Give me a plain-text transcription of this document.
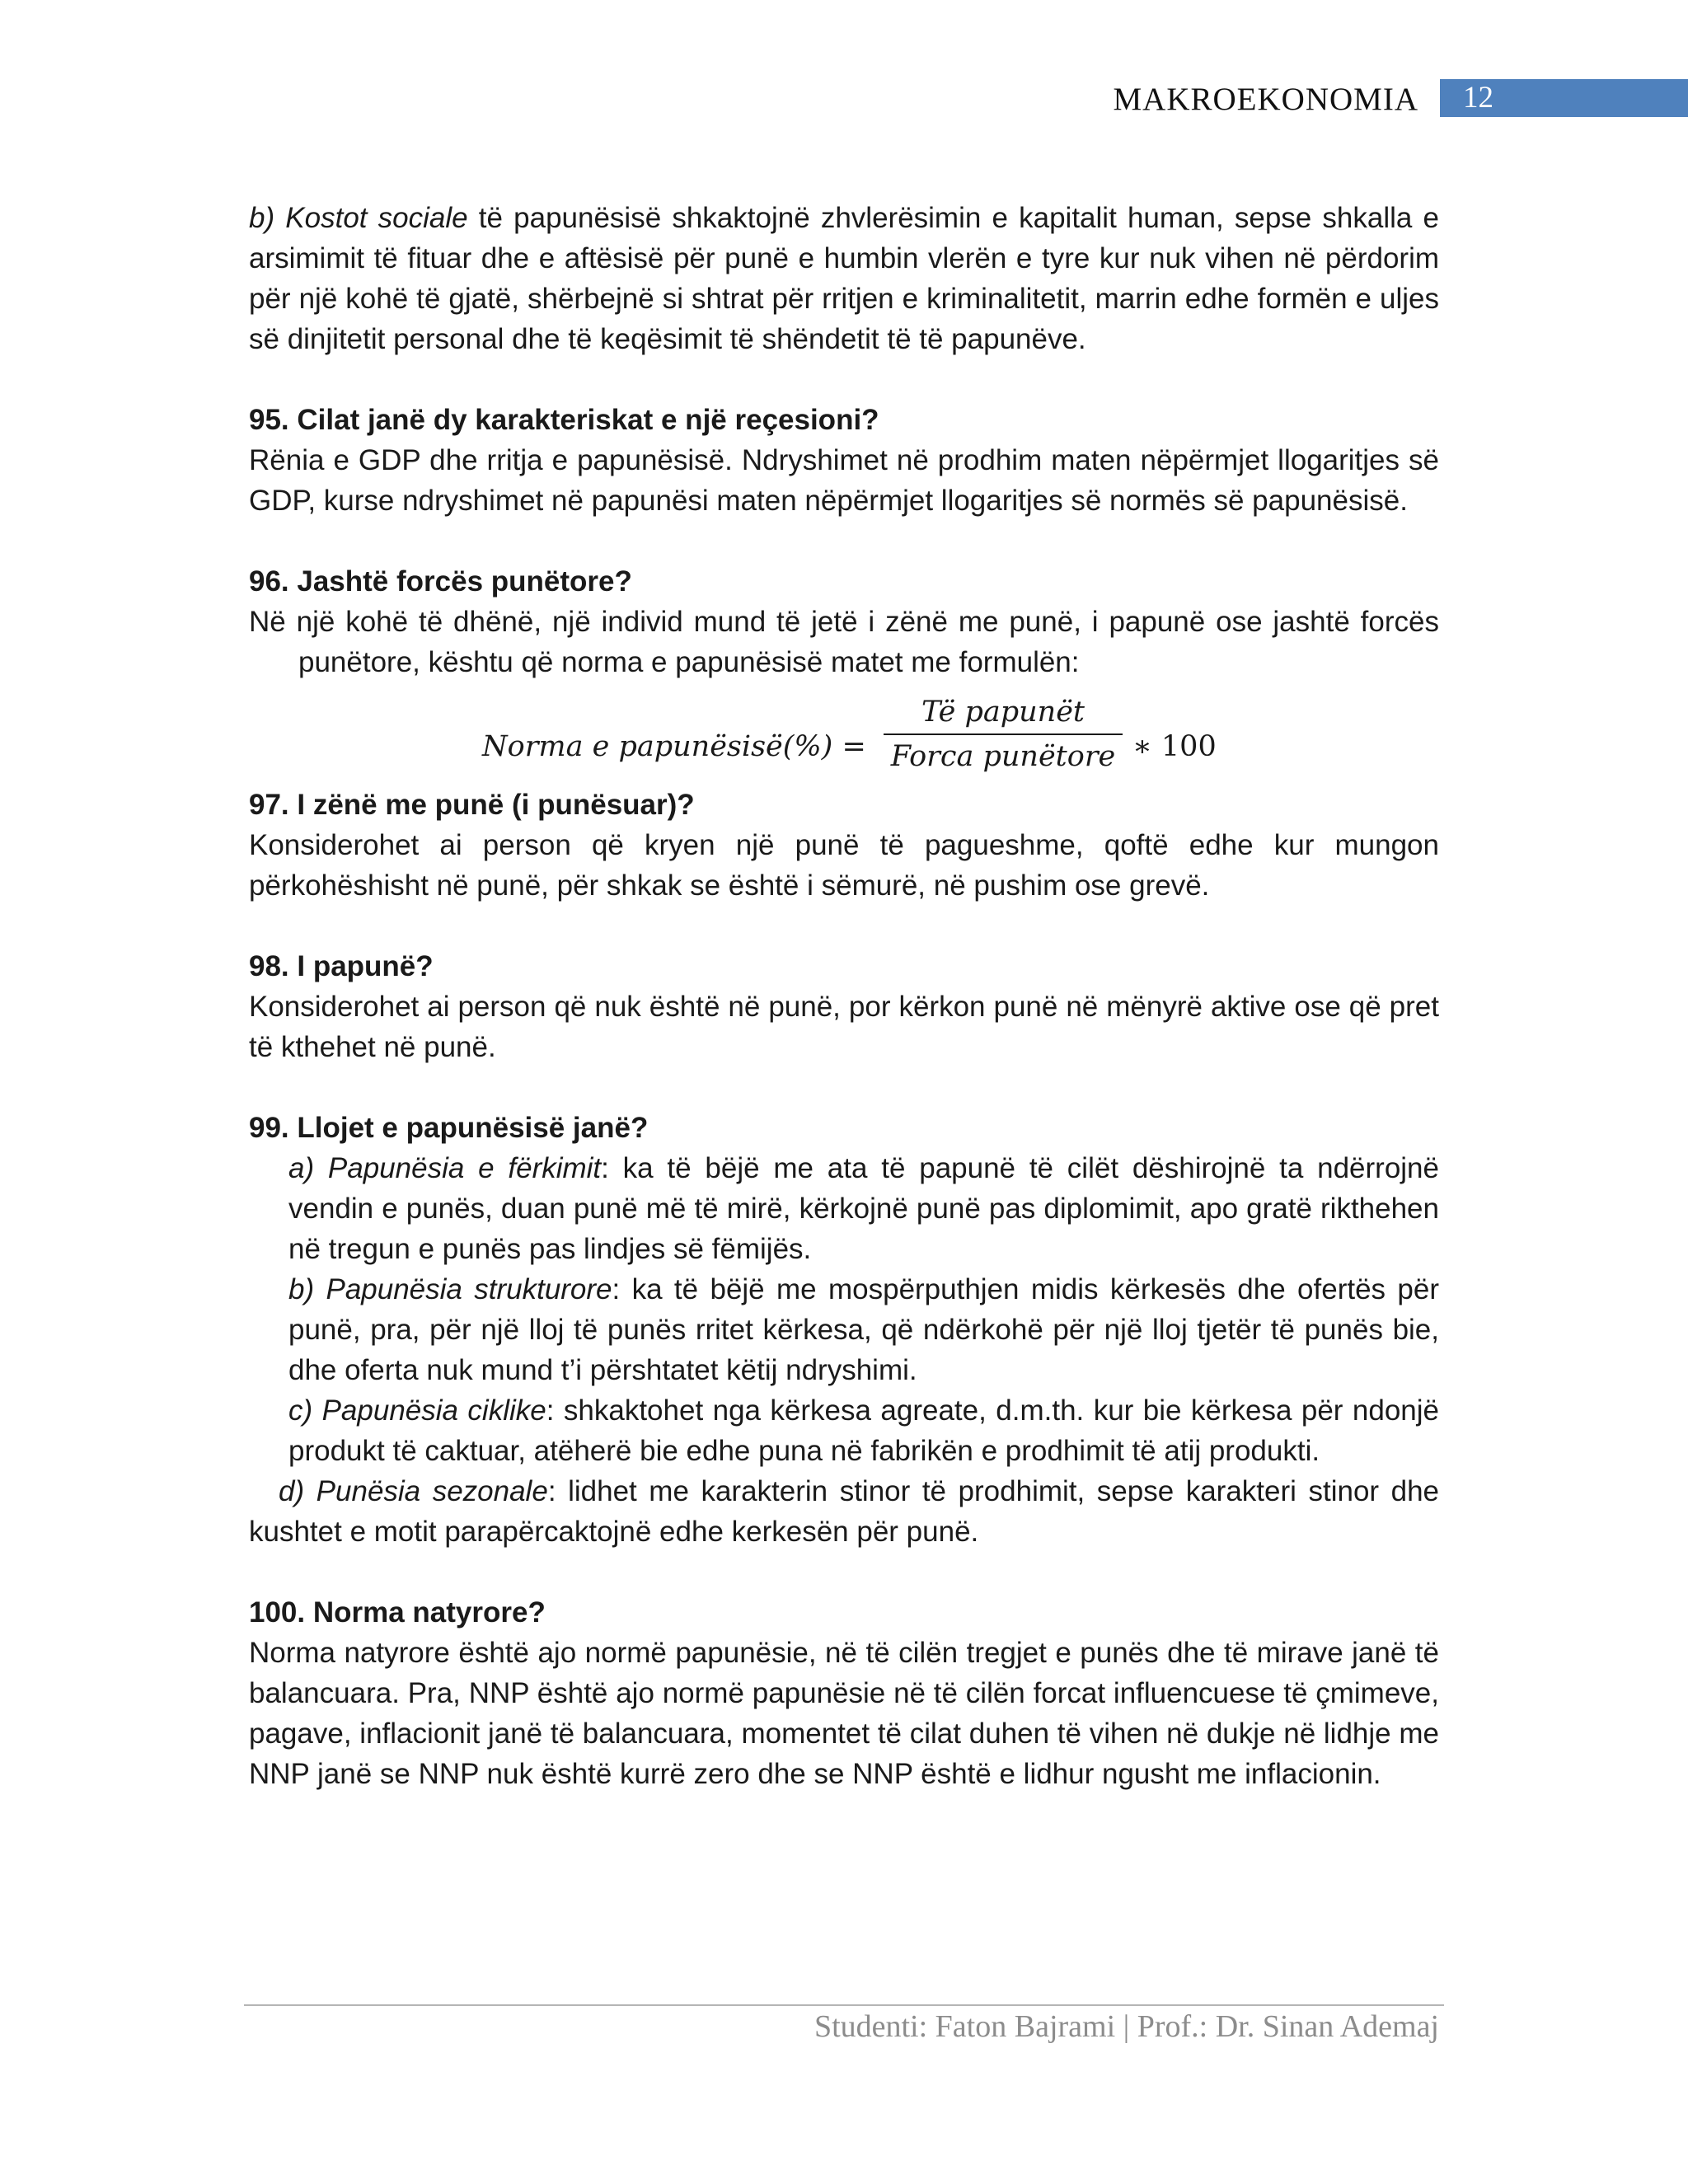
MAKROEKONOMIA	12

b) Kostot sociale të papunësisë shkaktojnë zhvlerësimin e kapitalit human, sepse shkalla e arsimimit të fituar dhe e aftësisë për punë e humbin vlerën e tyre kur nuk vihen në përdorim për një kohë të gjatë, shërbejnë si shtrat për rritjen e kriminalitetit, marrin edhe formën e uljes së dinjitetit personal dhe të keqësimit të shëndetit të të papunëve.

95. Cilat janë dy karakteriskat e një reçesioni?

Rënia e GDP dhe rritja e papunësisë. Ndryshimet në prodhim maten nëpërmjet llogaritjes së GDP, kurse ndryshimet në papunësi maten nëpërmjet llogaritjes së normës së papunësisë.

96. Jashtë forcës punëtore?

Në një kohë të dhënë, një individ mund të jetë i zënë me punë, i papunë ose jashtë forcës punëtore, kështu që norma e papunësisë matet me formulën:

Norma e papunësisë(%) =
Të papunët
Forca punëtore ∗ 100

97. I zënë me punë (i punësuar)?

Konsiderohet ai person që kryen një punë të pagueshme, qoftë edhe kur mungon përkohëshisht në punë, për shkak se është i sëmurë, në pushim ose grevë.

98. I papunë?

Konsiderohet ai person që nuk është në punë, por kërkon punë në mënyrë aktive ose që pret të kthehet në punë.

99. Llojet e papunësisë janë?

a) Papunësia e fërkimit: ka të bëjë me ata të papunë të cilët dëshirojnë ta ndërrojnë vendin e punës, duan punë më të mirë, kërkojnë punë pas diplomimit, apo gratë rikthehen në tregun e punës pas lindjes së fëmijës.

b) Papunësia strukturore: ka të bëjë me mospërputhjen midis kërkesës dhe ofertës për punë, pra, për një lloj të punës rritet kërkesa, që ndërkohë për një lloj tjetër të punës bie, dhe oferta nuk mund t’i përshtatet këtij ndryshimi.

c) Papunësia ciklike: shkaktohet nga kërkesa agreate, d.m.th. kur bie kërkesa për ndonjë produkt të caktuar, atëherë bie edhe puna në fabrikën e prodhimit të atij produkti.

d) Punësia sezonale: lidhet me karakterin stinor të prodhimit, sepse karakteri stinor dhe kushtet e motit parapërcaktojnë edhe kerkesën për punë.

100. Norma natyrore?

Norma natyrore është ajo normë papunësie, në të cilën tregjet e punës dhe të mirave janë të balancuara. Pra, NNP është ajo normë papunësie në të cilën forcat influencuese të çmimeve, pagave, inflacionit janë të balancuara, momentet të cilat duhen të vihen në dukje në lidhje me NNP janë se NNP nuk është kurrë zero dhe se NNP është e lidhur ngusht me inflacionin.

Studenti: Faton Bajrami | Prof.: Dr. Sinan Ademaj
